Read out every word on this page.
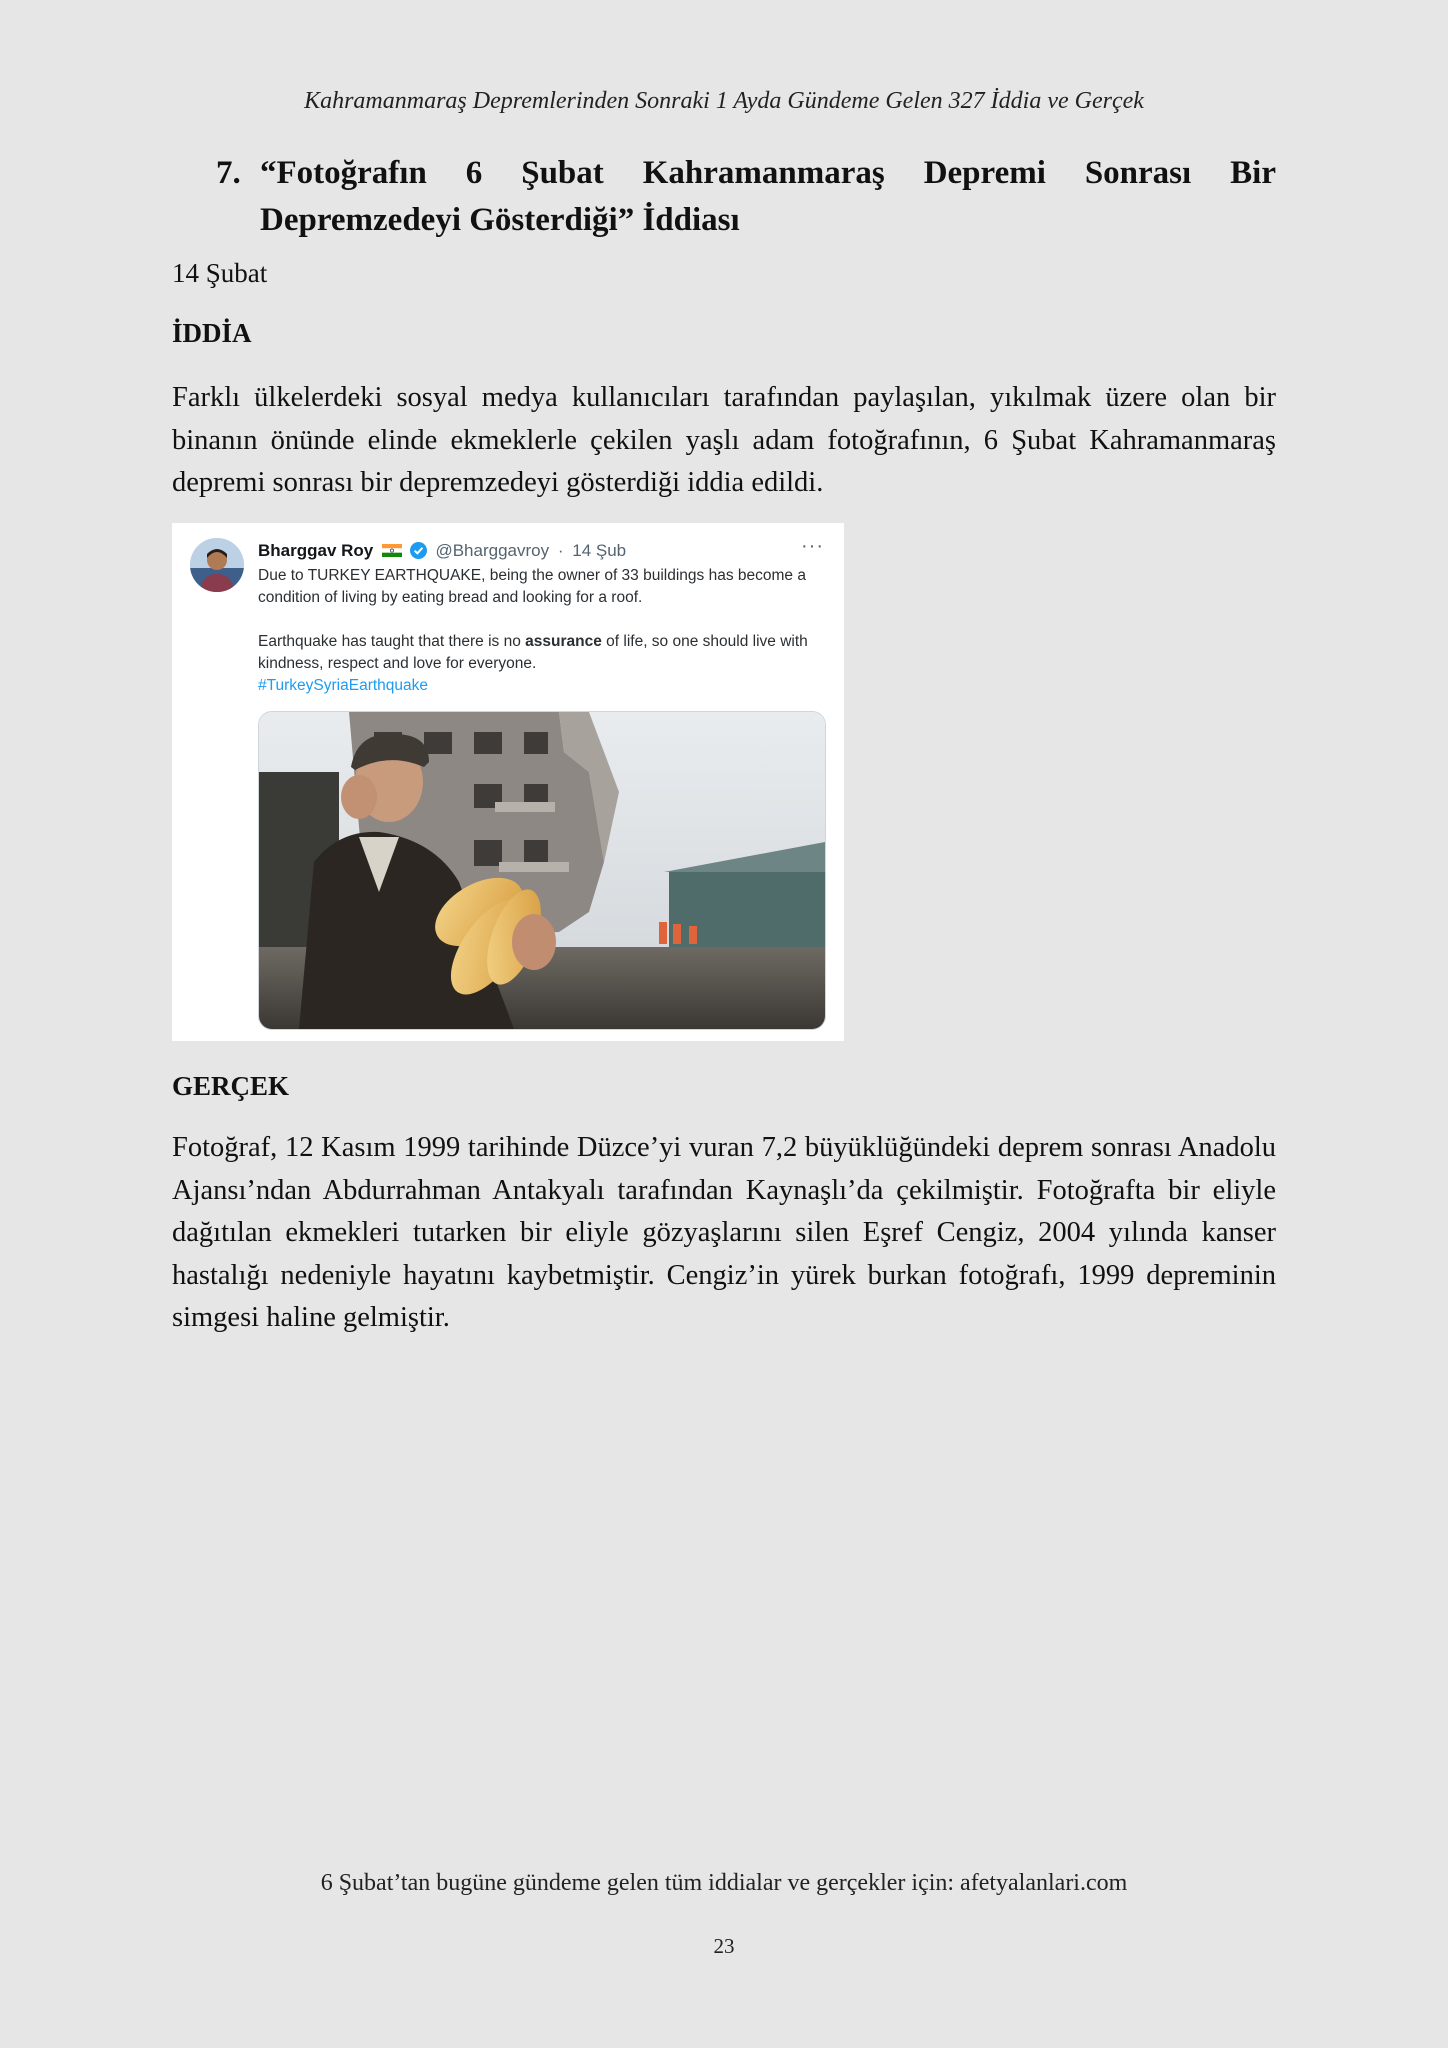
Kahramanmaraş Depremlerinden Sonraki 1 Ayda Gündeme Gelen 327 İddia ve Gerçek
7. “Fotoğrafın 6 Şubat Kahramanmaraş Depremi Sonrası Bir
Depremzedeyi Gösterdiği” İddiası
14 Şubat
İDDİA
Farklı ülkelerdeki sosyal medya kullanıcıları tarafından paylaşılan, yıkılmak üzere olan bir binanın önünde elinde ekmeklerle çekilen yaşlı adam fotoğrafının, 6 Şubat Kahramanmaraş depremi sonrası bir depremzedeyi gösterdiği iddia edildi.
Bharggav Roy	@Bharggavroy · 14 Şub	···

Due to TURKEY EARTHQUAKE, being the owner of 33 buildings has become a condition of living by eating bread and looking for a roof.

Earthquake has taught that there is no assurance of life, so one should live with kindness, respect and love for everyone.

#TurkeySyriaEarthquake

GERÇEK
Fotoğraf, 12 Kasım 1999 tarihinde Düzce’yi vuran 7,2 büyüklüğündeki deprem sonrası Anadolu Ajansı’ndan Abdurrahman Antakyalı tarafından Kaynaşlı’da çekilmiştir. Fotoğrafta bir eliyle dağıtılan ekmekleri tutarken bir eliyle gözyaşlarını silen Eşref Cengiz, 2004 yılında kanser hastalığı nedeniyle hayatını kaybetmiştir. Cengiz’in yürek burkan fotoğrafı, 1999 depreminin simgesi haline gelmiştir.
6 Şubat’tan bugüne gündeme gelen tüm iddialar ve gerçekler için: afetyalanlari.com
23
